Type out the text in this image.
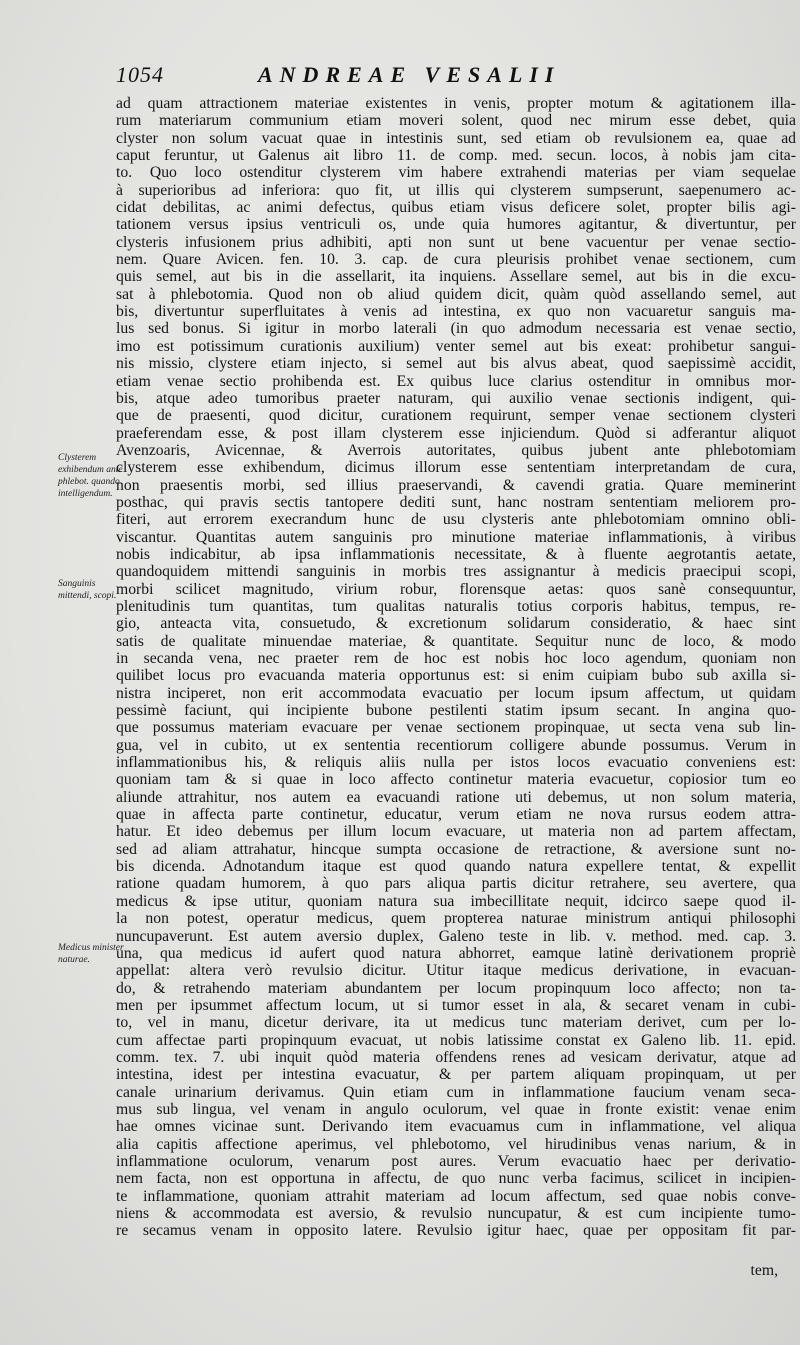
1054	ANDREAE VESALII
Clysterem exhibendum ante phlebot. quando intelligendum.
Sanguinis mittendi, scopi.
Medicus minister naturae.
ad quam attractionem materiae existentes in venis, propter motum & agitationem illa-
rum materiarum communium etiam moveri solent, quod nec mirum esse debet, quia
clyster non solum vacuat quae in intestinis sunt, sed etiam ob revulsionem ea, quae ad
caput feruntur, ut Galenus ait libro 11. de comp. med. secun. locos, à nobis jam cita-
to. Quo loco ostenditur clysterem vim habere extrahendi materias per viam sequelae
à superioribus ad inferiora: quo fit, ut illis qui clysterem sumpserunt, saepenumero ac-
cidat debilitas, ac animi defectus, quibus etiam visus deficere solet, propter bilis agi-
tationem versus ipsius ventriculi os, unde quia humores agitantur, & divertuntur, per
clysteris infusionem prius adhibiti, apti non sunt ut bene vacuentur per venae sectio-
nem. Quare Avicen. fen. 10. 3. cap. de cura pleurisis prohibet venae sectionem, cum
quis semel, aut bis in die assellarit, ita inquiens. Assellare semel, aut bis in die excu-
sat à phlebotomia. Quod non ob aliud quidem dicit, quàm quòd assellando semel, aut
bis, divertuntur superfluitates à venis ad intestina, ex quo non vacuaretur sanguis ma-
lus sed bonus. Si igitur in morbo laterali (in quo admodum necessaria est venae sectio,
imo est potissimum curationis auxilium) venter semel aut bis exeat: prohibetur sangui-
nis missio, clystere etiam injecto, si semel aut bis alvus abeat, quod saepissimè accidit,
etiam venae sectio prohibenda est. Ex quibus luce clarius ostenditur in omnibus mor-
bis, atque adeo tumoribus praeter naturam, qui auxilio venae sectionis indigent, qui-
que de praesenti, quod dicitur, curationem requirunt, semper venae sectionem clysteri
praeferendam esse, & post illam clysterem esse injiciendum. Quòd si adferantur aliquot
Avenzoaris, Avicennae, & Averrois autoritates, quibus jubent ante phlebotomiam
clysterem esse exhibendum, dicimus illorum esse sententiam interpretandam de cura,
non praesentis morbi, sed illius praeservandi, & cavendi gratia. Quare meminerint
posthac, qui pravis sectis tantopere dediti sunt, hanc nostram sententiam meliorem pro-
fiteri, aut errorem execrandum hunc de usu clysteris ante phlebotomiam omnino obli-
viscantur. Quantitas autem sanguinis pro minutione materiae inflammationis, à viribus
nobis indicabitur, ab ipsa inflammationis necessitate, & à fluente aegrotantis aetate,
quandoquidem mittendi sanguinis in morbis tres assignantur à medicis praecipui scopi,
morbi scilicet magnitudo, virium robur, florensque aetas: quos sanè consequuntur,
plenitudinis tum quantitas, tum qualitas naturalis totius corporis habitus, tempus, re-
gio, anteacta vita, consuetudo, & excretionum solidarum consideratio, & haec sint
satis de qualitate minuendae materiae, & quantitate. Sequitur nunc de loco, & modo
in secanda vena, nec praeter rem de hoc est nobis hoc loco agendum, quoniam non
quilibet locus pro evacuanda materia opportunus est: si enim cuipiam bubo sub axilla si-
nistra inciperet, non erit accommodata evacuatio per locum ipsum affectum, ut quidam
pessimè faciunt, qui incipiente bubone pestilenti statim ipsum secant. In angina quo-
que possumus materiam evacuare per venae sectionem propinquae, ut secta vena sub lin-
gua, vel in cubito, ut ex sententia recentiorum colligere abunde possumus. Verum in
inflammationibus his, & reliquis aliis nulla per istos locos evacuatio conveniens est:
quoniam tam & si quae in loco affecto continetur materia evacuetur, copiosior tum eo
aliunde attrahitur, nos autem ea evacuandi ratione uti debemus, ut non solum materia,
quae in affecta parte continetur, educatur, verum etiam ne nova rursus eodem attra-
hatur. Et ideo debemus per illum locum evacuare, ut materia non ad partem affectam,
sed ad aliam attrahatur, hincque sumpta occasione de retractione, & aversione sunt no-
bis dicenda. Adnotandum itaque est quod quando natura expellere tentat, & expellit
ratione quadam humorem, à quo pars aliqua partis dicitur retrahere, seu avertere, qua
medicus & ipse utitur, quoniam natura sua imbecillitate nequit, idcirco saepe quod il-
la non potest, operatur medicus, quem propterea naturae ministrum antiqui philosophi
nuncupaverunt. Est autem aversio duplex, Galeno teste in lib. v. method. med. cap. 3.
una, qua medicus id aufert quod natura abhorret, eamque latinè derivationem propriè
appellat: altera verò revulsio dicitur. Utitur itaque medicus derivatione, in evacuan-
do, & retrahendo materiam abundantem per locum propinquum loco affecto; non ta-
men per ipsummet affectum locum, ut si tumor esset in ala, & secaret venam in cubi-
to, vel in manu, dicetur derivare, ita ut medicus tunc materiam derivet, cum per lo-
cum affectae parti propinquum evacuat, ut nobis latissime constat ex Galeno lib. 11. epid.
comm. tex. 7. ubi inquit quòd materia offendens renes ad vesicam derivatur, atque ad
intestina, idest per intestina evacuatur, & per partem aliquam propinquam, ut per
canale urinarium derivamus. Quin etiam cum in inflammatione faucium venam seca-
mus sub lingua, vel venam in angulo oculorum, vel quae in fronte existit: venae enim
hae omnes vicinae sunt. Derivando item evacuamus cum in inflammatione, vel aliqua
alia capitis affectione aperimus, vel phlebotomo, vel hirudinibus venas narium, & in
inflammatione oculorum, venarum post aures. Verum evacuatio haec per derivatio-
nem facta, non est opportuna in affectu, de quo nunc verba facimus, scilicet in incipien-
te inflammatione, quoniam attrahit materiam ad locum affectum, sed quae nobis conve-
niens & accommodata est aversio, & revulsio nuncupatur, & est cum incipiente tumo-
re secamus venam in opposito latere. Revulsio igitur haec, quae per oppositam fit par-
tem,
